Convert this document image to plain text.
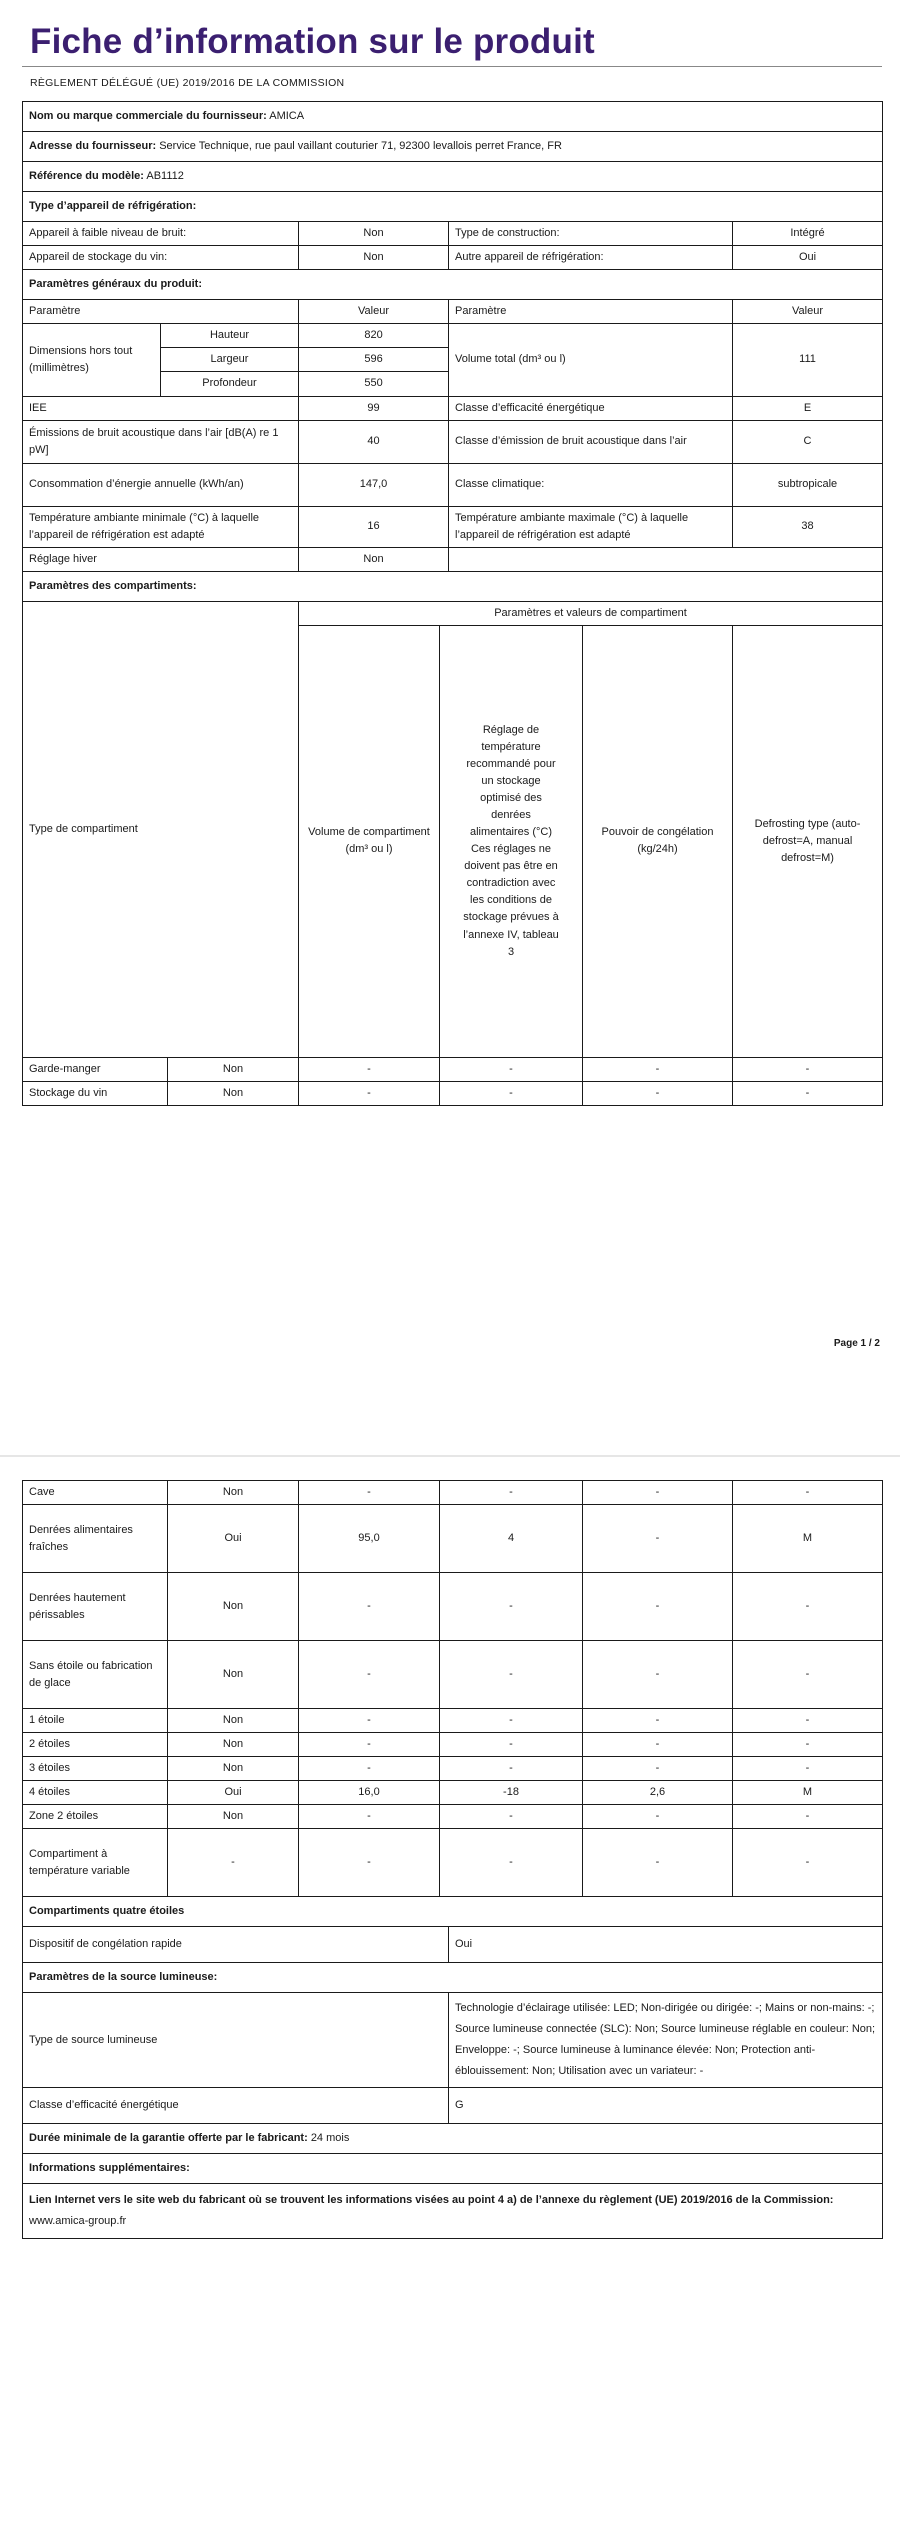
Fiche d’information sur le produit
RÈGLEMENT DÉLÉGUÉ (UE) 2019/2016 DE LA COMMISSION
Nom ou marque commerciale du fournisseur: AMICA
Adresse du fournisseur: Service Technique, rue paul vaillant couturier 71, 92300 levallois perret France, FR
Référence du modèle: AB1112
Type d’appareil de réfrigération:
Appareil à faible niveau de bruit:	Non	Type de construction:	Intégré
Appareil de stockage du vin:	Non	Autre appareil de réfrigération:	Oui
Paramètres généraux du produit:			
Paramètre		Valeur	Paramètre	Valeur
Dimensions hors tout (millimètres)	Hauteur	820	Volume total (dm³ ou l)	111
	Largeur	596		
	Profondeur	550		
IEE		99	Classe d’efficacité énergétique	E
Émissions de bruit acoustique dans l’air [dB(A) re 1 pW]		40	Classe d’émission de bruit acoustique dans l’air	C
Consommation d’énergie annuelle (kWh/an)		147,0	Classe climatique:	subtropicale
Température ambiante minimale (°C) à laquelle l’appareil de réfrigération est adapté		16	Température ambiante maximale (°C) à laquelle l’appareil de réfrigération est adapté	38
Réglage hiver		Non		
Paramètres des compartiments:				
Type de compartiment		Paramètres et valeurs de compartiment			
		Volume de compartiment (dm³ ou l)	Réglage de température recommandé pour un stockage optimisé des denrées alimentaires (°C) Ces réglages ne doivent pas être en contradiction avec les conditions de stockage prévues à l’annexe IV, tableau 3	Pouvoir de congélation (kg/24h)	Defrosting type (auto-defrost=A, manual defrost=M)
Garde-manger	Non	-	-	-	-
Stockage du vin	Non	-	-	-	-
Page 1 / 2
Cave	Non	-	-	-	-
Denrées alimentaires fraîches	Oui	95,0	4	-	M
Denrées hautement périssables	Non	-	-	-	-
Sans étoile ou fabrication de glace	Non	-	-	-	-
1 étoile	Non	-	-	-	-
2 étoiles	Non	-	-	-	-
3 étoiles	Non	-	-	-	-
4 étoiles	Oui	16,0	-18	2,6	M
Zone 2 étoiles	Non	-	-	-	-
Compartiment à température variable	-	-	-	-	-
Compartiments quatre étoiles	
Dispositif de congélation rapide	Oui
Paramètres de la source lumineuse:	
Type de source lumineuse	Technologie d’éclairage utilisée: LED; Non-dirigée ou dirigée: -; Mains or non-mains: -; Source lumineuse connectée (SLC): Non; Source lumineuse réglable en couleur: Non; Enveloppe: -; Source lumineuse à luminance élevée: Non; Protection anti-éblouissement: Non; Utilisation avec un variateur: -
Classe d’efficacité énergétique	G
Durée minimale de la garantie offerte par le fabricant: 24 mois	
Informations supplémentaires:	
Lien Internet vers le site web du fabricant où se trouvent les informations visées au point 4 a) de l’annexe du règlement (UE) 2019/2016 de la Commission: www.amica-group.fr	
